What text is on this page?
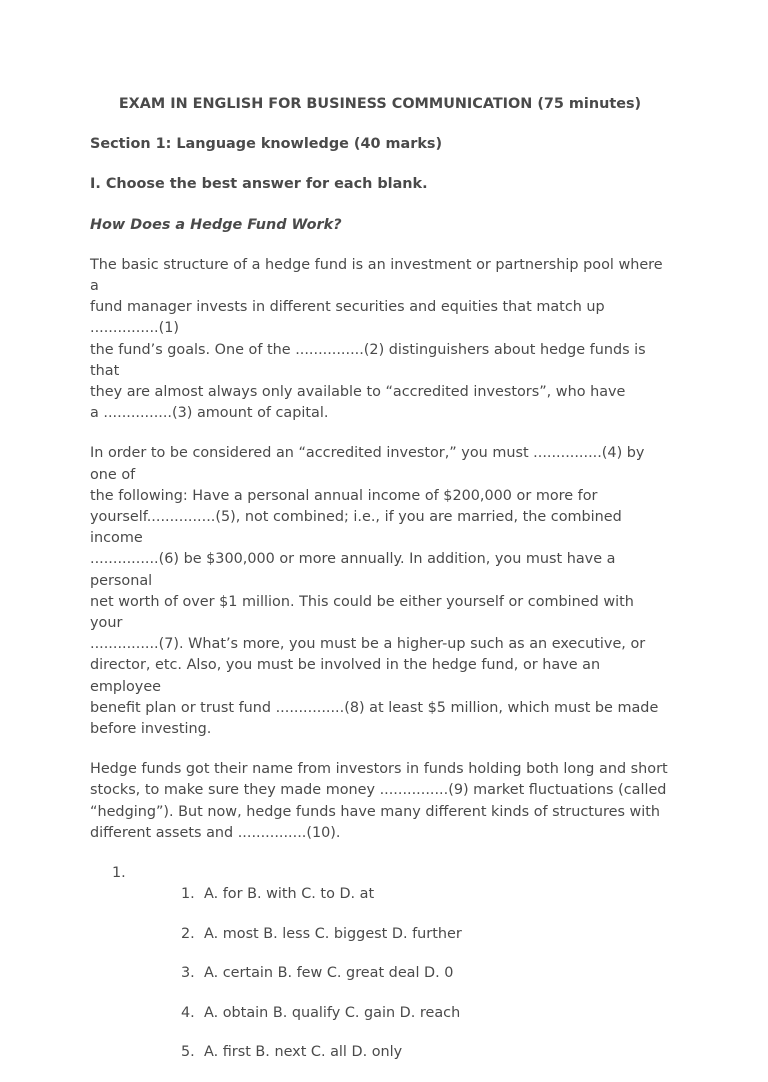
EXAM IN ENGLISH FOR BUSINESS COMMUNICATION (75 minutes)

Section 1: Language knowledge (40 marks)

I. Choose the best answer for each blank.

How Does a Hedge Fund Work?

The basic structure of a hedge fund is an investment or partnership pool where a
fund manager invests in different securities and equities that match up ...............(1)
the fund’s goals. One of the ...............(2) distinguishers about hedge funds is that
they are almost always only available to “accredited investors”, who have
a ...............(3) amount of capital.

In order to be considered an “accredited investor,” you must ...............(4) by one of
the following: Have a personal annual income of $200,000 or more for
yourself...............(5), not combined; i.e., if you are married, the combined income
...............(6) be $300,000 or more annually. In addition, you must have a personal
net worth of over $1 million. This could be either yourself or combined with your
...............(7). What’s more, you must be a higher-up such as an executive, or
director, etc. Also, you must be involved in the hedge fund, or have an employee
benefit plan or trust fund ...............(8) at least $5 million, which must be made
before investing.

Hedge funds got their name from investors in funds holding both long and short
stocks, to make sure they made money ...............(9) market fluctuations (called
“hedging”). But now, hedge funds have many different kinds of structures with
different assets and ...............(10).

1.
1. A. for B. with C. to D. at
2. A. most B. less C. biggest D. further
3. A. certain B. few C. great deal D. 0
4. A. obtain B. qualify C. gain D. reach
5. A. first B. next C. all D. only
